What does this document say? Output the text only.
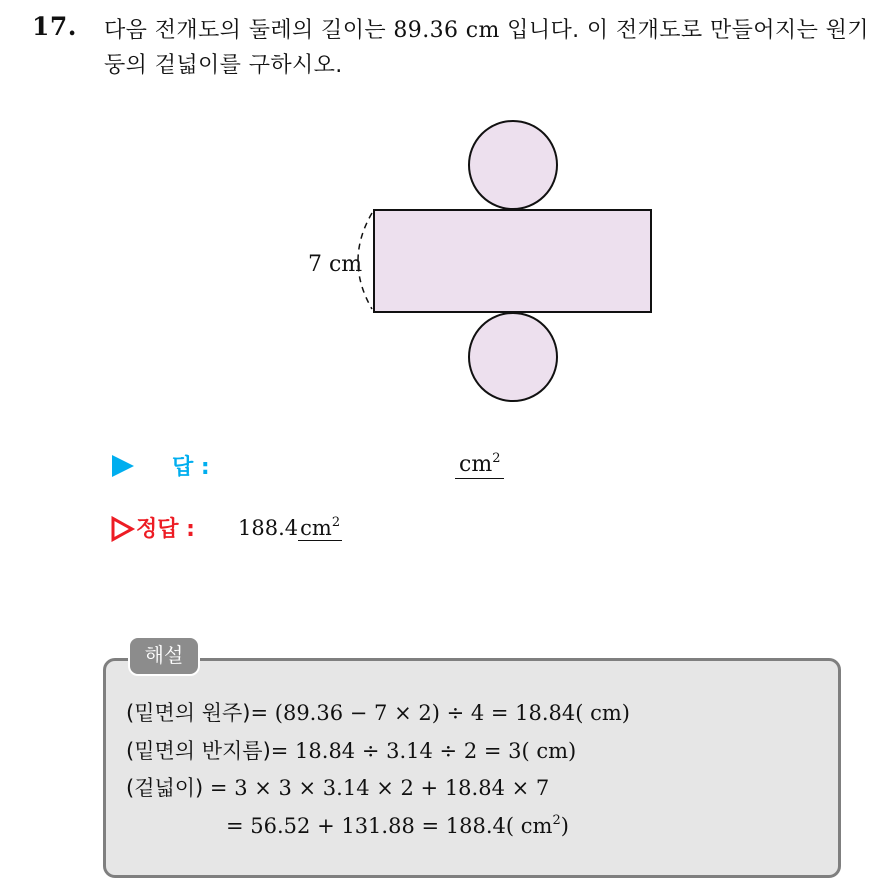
17. 다음 전개도의 둘레의 길이는 89.36 cm 입니다. 이 전개도로 만들어지는 원기둥의 겉넓이를 구하시오.
7 cm
답 :	$cm^2$
정답 : $188.4cm^2$
해설
(밑면의 원주)= (89.36 − 7 × 2) ÷ 4 = 18.84( cm)
(밑면의 반지름)= 18.84 ÷ 3.14 ÷ 2 = 3( cm)
(겉넓이) = 3 × 3 × 3.14 × 2 + 18.84 × 7
= 56.52 + 131.88 = 188.4( $cm^2$)
